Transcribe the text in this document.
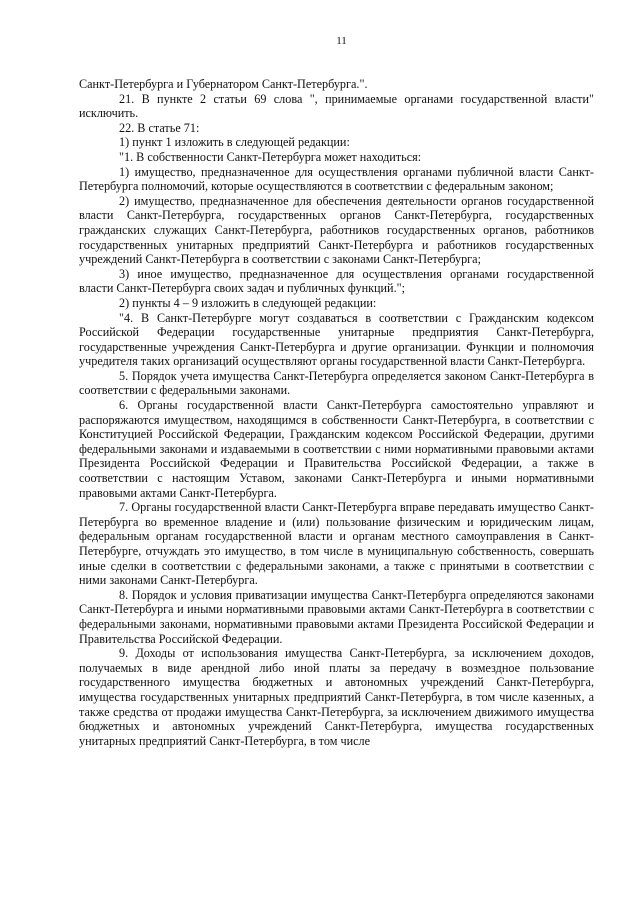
11

Санкт-Петербурга и Губернатором Санкт-Петербурга.".

21. В пункте 2 статьи 69 слова ", принимаемые органами государственной власти" исключить.

22. В статье 71:

1) пункт 1 изложить в следующей редакции:

"1. В собственности Санкт-Петербурга может находиться:

1) имущество, предназначенное для осуществления органами публичной власти Санкт-Петербурга полномочий, которые осуществляются в соответствии с федеральным законом;

2) имущество, предназначенное для обеспечения деятельности органов государственной власти Санкт-Петербурга, государственных органов Санкт-Петербурга, государственных гражданских служащих Санкт-Петербурга, работников государственных органов, работников государственных унитарных предприятий Санкт-Петербурга и работников государственных учреждений Санкт-Петербурга в соответствии с законами Санкт-Петербурга;

3) иное имущество, предназначенное для осуществления органами государственной власти Санкт-Петербурга своих задач и публичных функций.";

2) пункты 4 – 9 изложить в следующей редакции:

"4. В Санкт-Петербурге могут создаваться в соответствии с Гражданским кодексом Российской Федерации государственные унитарные предприятия Санкт-Петербурга, государственные учреждения Санкт-Петербурга и другие организации. Функции и полномочия учредителя таких организаций осуществляют органы государственной власти Санкт-Петербурга.

5. Порядок учета имущества Санкт-Петербурга определяется законом Санкт-Петербурга в соответствии с федеральными законами.

6. Органы государственной власти Санкт-Петербурга самостоятельно управляют и распоряжаются имуществом, находящимся в собственности Санкт-Петербурга, в соответствии с Конституцией Российской Федерации, Гражданским кодексом Российской Федерации, другими федеральными законами и издаваемыми в соответствии с ними нормативными правовыми актами Президента Российской Федерации и Правительства Российской Федерации, а также в соответствии с настоящим Уставом, законами Санкт-Петербурга и иными нормативными правовыми актами Санкт-Петербурга.

7. Органы государственной власти Санкт-Петербурга вправе передавать имущество Санкт-Петербурга во временное владение и (или) пользование физическим и юридическим лицам, федеральным органам государственной власти и органам местного самоуправления в Санкт-Петербурге, отчуждать это имущество, в том числе в муниципальную собственность, совершать иные сделки в соответствии с федеральными законами, а также с принятыми в соответствии с ними законами Санкт-Петербурга.

8. Порядок и условия приватизации имущества Санкт-Петербурга определяются законами Санкт-Петербурга и иными нормативными правовыми актами Санкт-Петербурга в соответствии с федеральными законами, нормативными правовыми актами Президента Российской Федерации и Правительства Российской Федерации.

9. Доходы от использования имущества Санкт-Петербурга, за исключением доходов, получаемых в виде арендной либо иной платы за передачу в возмездное пользование государственного имущества бюджетных и автономных учреждений Санкт-Петербурга, имущества государственных унитарных предприятий Санкт-Петербурга, в том числе казенных, а также средства от продажи имущества Санкт-Петербурга, за исключением движимого имущества бюджетных и автономных учреждений Санкт-Петербурга, имущества государственных унитарных предприятий Санкт-Петербурга, в том числе
